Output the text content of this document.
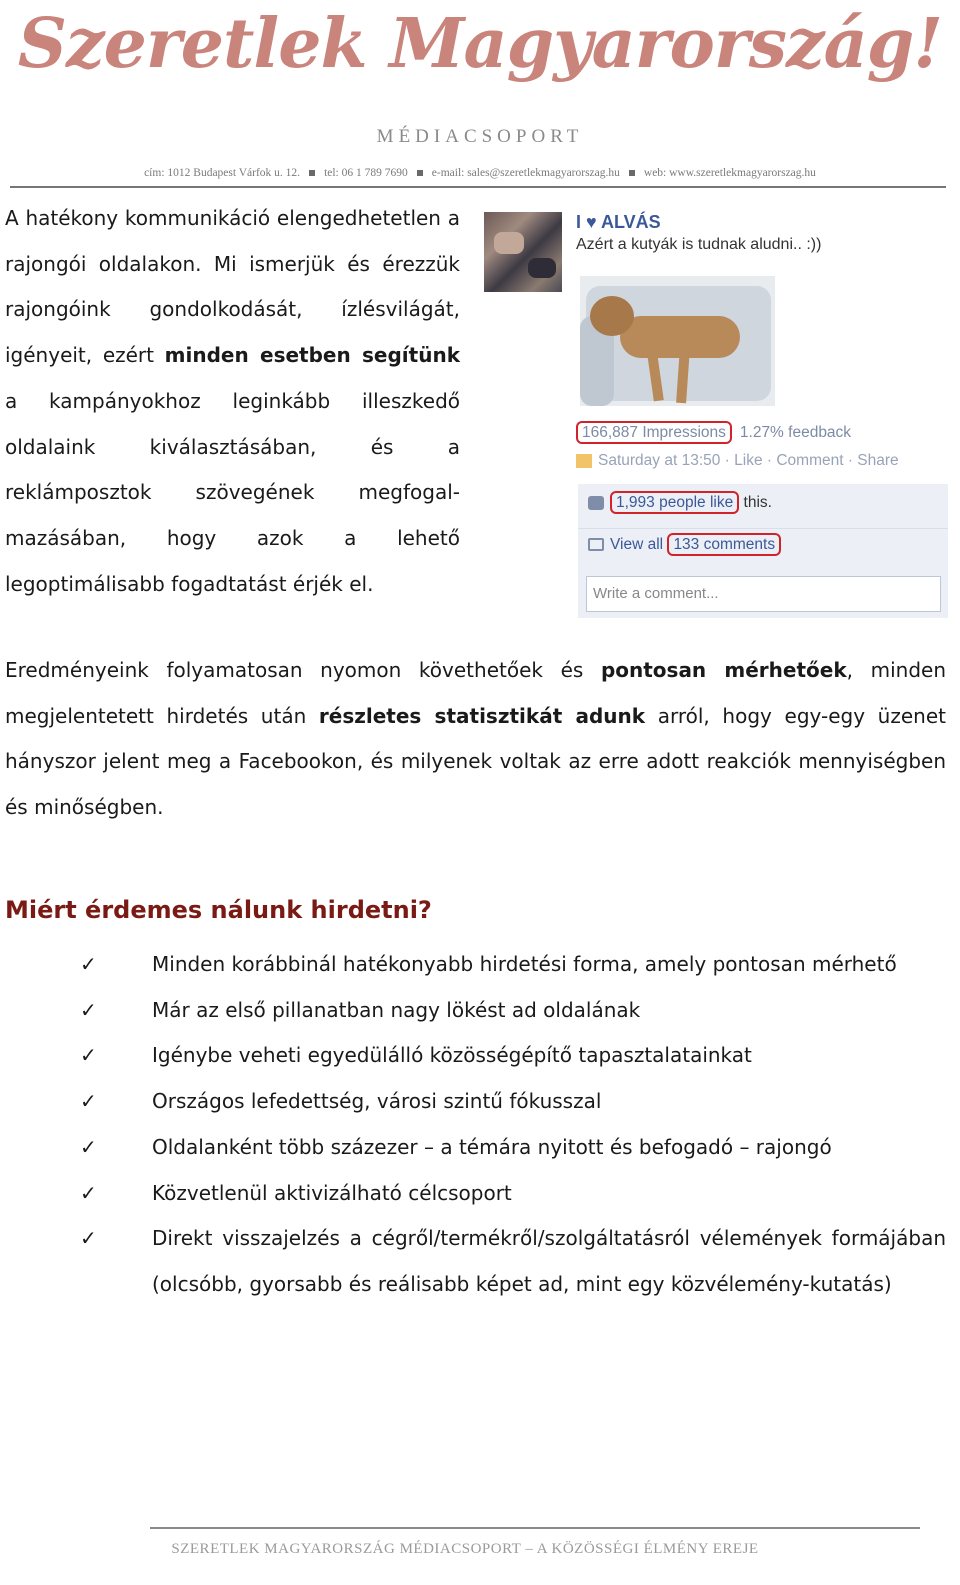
Szeretlek Magyarország!
MÉDIACSOPORT
cím: 1012 Budapest Várfok u. 12. tel: 06 1 789 7690 e-mail: sales@szeretlekmagyarorszag.hu web: www.szeretlekmagyarorszag.hu

A hatékony kommunikáció elengedhetetlen a rajongói oldalakon. Mi ismerjük és érezzük rajongóink gondolkodását, ízlésvilágát, igényeit, ezért minden esetben segítünk a kampányokhoz leginkább illeszkedő oldalaink kiválasztásában, és a reklámposztok szövegének megfogalmazásában, hogy azok a lehető legoptimálisabb fogadtatást érjék el.

I ♥ ALVÁS
Azért a kutyák is tudnak aludni.. :))
166,887 Impressions 1.27% feedback
Saturday at 13:50 · Like · Comment · Share
1,993 people like this.
View all 133 comments
Write a comment...

Eredményeink folyamatosan nyomon követhetőek és pontosan mérhetőek, minden megjelentetett hirdetés után részletes statisztikát adunk arról, hogy egy-egy üzenet hányszor jelent meg a Facebookon, és milyenek voltak az erre adott reakciók mennyiségben és minőségben.

Miért érdemes nálunk hirdetni?
✓	Minden korábbinál hatékonyabb hirdetési forma, amely pontosan mérhető
✓	Már az első pillanatban nagy lökést ad oldalának
✓	Igénybe veheti egyedülálló közösségépítő tapasztalatainkat
✓	Országos lefedettség, városi szintű fókusszal
✓	Oldalanként több százezer – a témára nyitott és befogadó – rajongó
✓	Közvetlenül aktivizálható célcsoport
✓	Direkt visszajelzés a cégről/termékről/szolgáltatásról vélemények formájában (olcsóbb, gyorsabb és reálisabb képet ad, mint egy közvélemény-kutatás)
SZERETLEK MAGYARORSZÁG MÉDIACSOPORT – A KÖZÖSSÉGI ÉLMÉNY EREJE
